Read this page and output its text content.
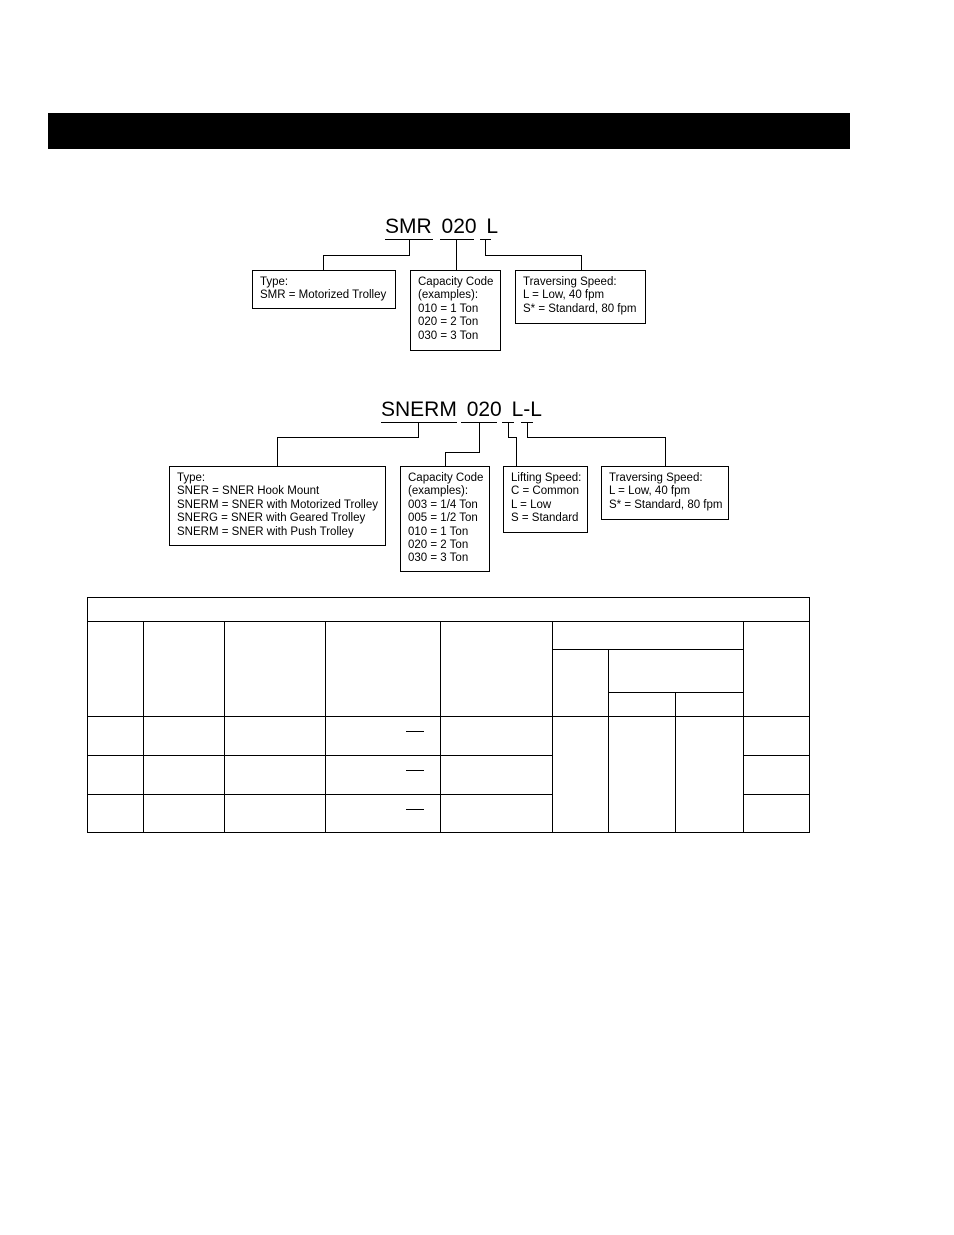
SMR 020 L
Type:
SMR = Motorized Trolley
Capacity Code
(examples):
010 = 1 Ton
020 = 2 Ton
030 = 3 Ton
Traversing Speed:
L = Low, 40 fpm
S* = Standard, 80 fpm
SNERM 020 L-L
Type:
SNER = SNER Hook Mount
SNERM = SNER with Motorized Trolley
SNERG = SNER with Geared Trolley
SNERM = SNER with Push Trolley
Capacity Code
(examples):
003 = 1/4 Ton
005 = 1/2 Ton
010 = 1 Ton
020 = 2 Ton
030 = 3 Ton
Lifting Speed:
C = Common
L = Low
S = Standard
Traversing Speed:
L = Low, 40 fpm
S* = Standard, 80 fpm
